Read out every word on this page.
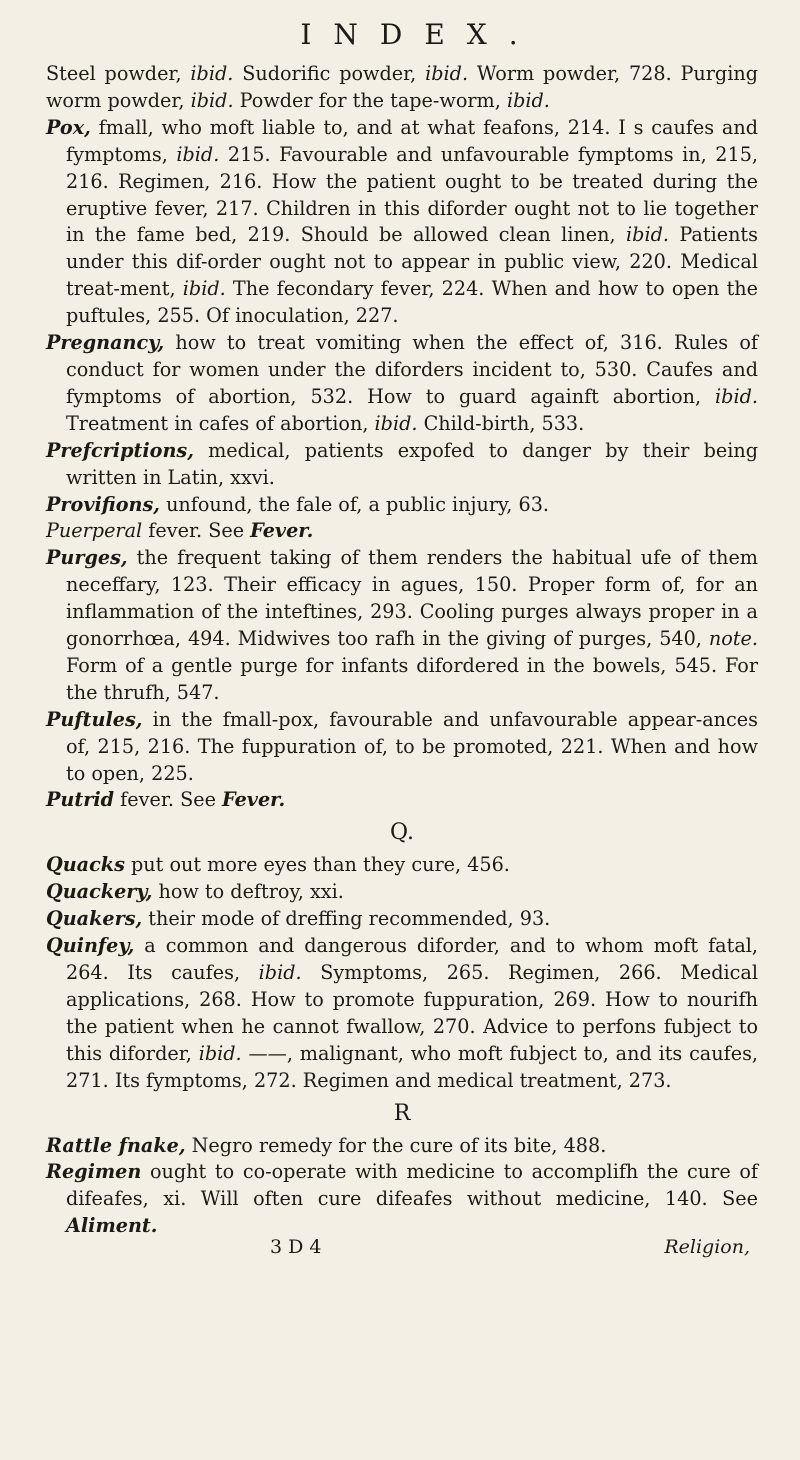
INDEX.

Steel powder, ibid. Sudorific powder, ibid. Worm powder, 728. Purging worm powder, ibid. Powder for the tape-worm, ibid.

Pox, fmall, who moft liable to, and at what feafons, 214. I s caufes and fymptoms, ibid. 215. Favourable and unfavourable fymptoms in, 215, 216. Regimen, 216. How the patient ought to be treated during the eruptive fever, 217. Children in this diforder ought not to lie together in the fame bed, 219. Should be allowed clean linen, ibid. Patients under this dif-order ought not to appear in public view, 220. Medical treat-ment, ibid. The fecondary fever, 224. When and how to open the puftules, 255. Of inoculation, 227.

Pregnancy, how to treat vomiting when the effect of, 316. Rules of conduct for women under the diforders incident to, 530. Caufes and fymptoms of abortion, 532. How to guard againft abortion, ibid. Treatment in cafes of abortion, ibid. Child-birth, 533.

Prefcriptions, medical, patients expofed to danger by their being written in Latin, xxvi.

Provifions, unfound, the fale of, a public injury, 63.

Puerperal fever. See Fever.

Purges, the frequent taking of them renders the habitual ufe of them neceffary, 123. Their efficacy in agues, 150. Proper form of, for an inflammation of the inteftines, 293. Cooling purges always proper in a gonorrhœa, 494. Midwives too rafh in the giving of purges, 540, note. Form of a gentle purge for infants difordered in the bowels, 545. For the thrufh, 547.

Puftules, in the fmall-pox, favourable and unfavourable appear-ances of, 215, 216. The fuppuration of, to be promoted, 221. When and how to open, 225.

Putrid fever. See Fever.

Q.

Quacks put out more eyes than they cure, 456.

Quackery, how to deftroy, xxi.

Quakers, their mode of dreffing recommended, 93.

Quinfey, a common and dangerous diforder, and to whom moft fatal, 264. Its caufes, ibid. Symptoms, 265. Regimen, 266. Medical applications, 268. How to promote fuppuration, 269. How to nourifh the patient when he cannot fwallow, 270. Advice to perfons fubject to this diforder, ibid. ——, malignant, who moft fubject to, and its caufes, 271. Its fymptoms, 272. Regimen and medical treatment, 273.

R

Rattle fnake, Negro remedy for the cure of its bite, 488.

Regimen ought to co-operate with medicine to accomplifh the cure of difeafes, xi. Will often cure difeafes without medicine, 140. See Aliment.

3 D 4	Religion,
